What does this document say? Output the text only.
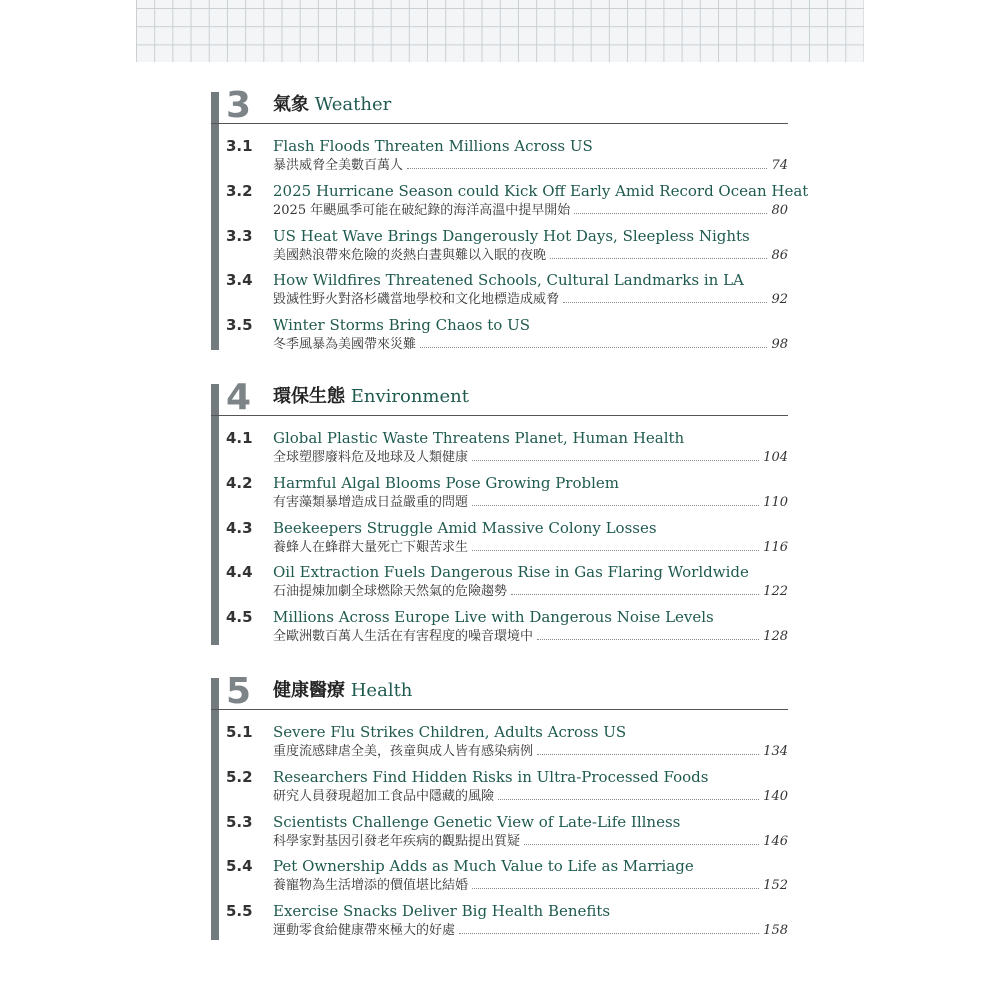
3 氣象 Weather
3.1 Flash Floods Threaten Millions Across US
暴洪威脅全美數百萬人	74
3.2 2025 Hurricane Season could Kick Off Early Amid Record Ocean Heat
2025 年颶風季可能在破紀錄的海洋高溫中提早開始	80
3.3 US Heat Wave Brings Dangerously Hot Days, Sleepless Nights
美國熱浪帶來危險的炎熱白晝與難以入眠的夜晚	86
3.4 How Wildfires Threatened Schools, Cultural Landmarks in LA
毀滅性野火對洛杉磯當地學校和文化地標造成威脅	92
3.5 Winter Storms Bring Chaos to US
冬季風暴為美國帶來災難	98
4 環保生態 Environment
4.1 Global Plastic Waste Threatens Planet, Human Health
全球塑膠廢料危及地球及人類健康	104
4.2 Harmful Algal Blooms Pose Growing Problem
有害藻類暴增造成日益嚴重的問題	110
4.3 Beekeepers Struggle Amid Massive Colony Losses
養蜂人在蜂群大量死亡下艱苦求生	116
4.4 Oil Extraction Fuels Dangerous Rise in Gas Flaring Worldwide
石油提煉加劇全球燃除天然氣的危險趨勢	122
4.5 Millions Across Europe Live with Dangerous Noise Levels
全歐洲數百萬人生活在有害程度的噪音環境中	128
5 健康醫療 Health
5.1 Severe Flu Strikes Children, Adults Across US
重度流感肆虐全美，孩童與成人皆有感染病例	134
5.2 Researchers Find Hidden Risks in Ultra-Processed Foods
研究人員發現超加工食品中隱藏的風險	140
5.3 Scientists Challenge Genetic View of Late-Life Illness
科學家對基因引發老年疾病的觀點提出質疑	146
5.4 Pet Ownership Adds as Much Value to Life as Marriage
養寵物為生活增添的價值堪比結婚	152
5.5 Exercise Snacks Deliver Big Health Benefits
運動零食給健康帶來極大的好處	158
